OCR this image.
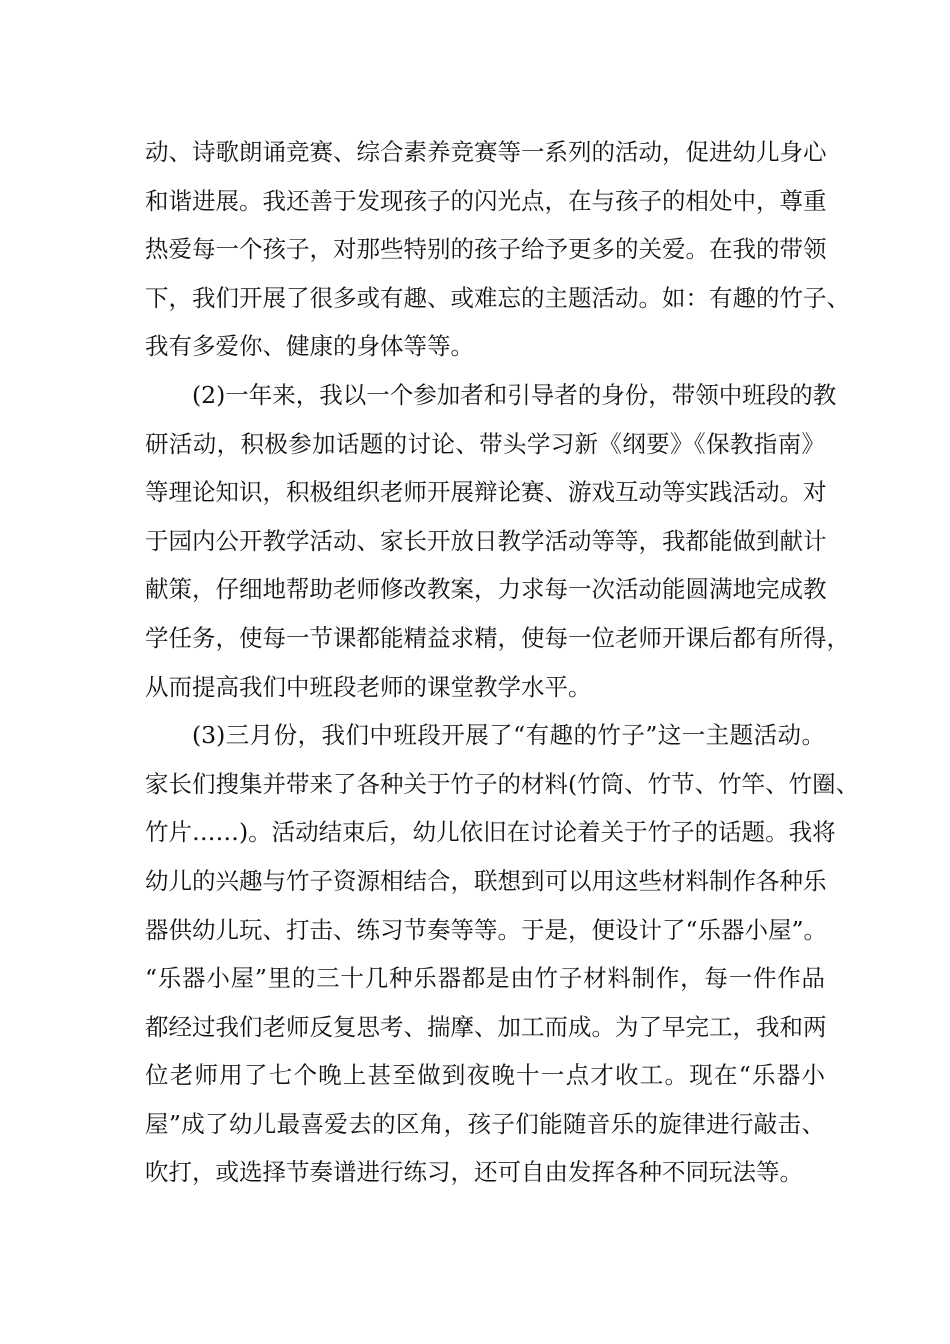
动、诗歌朗诵竞赛、综合素养竞赛等一系列的活动，促进幼儿身心
和谐进展。我还善于发现孩子的闪光点，在与孩子的相处中，尊重
热爱每一个孩子，对那些特别的孩子给予更多的关爱。在我的带领
下，我们开展了很多或有趣、或难忘的主题活动。如：有趣的竹子、
我有多爱你、健康的身体等等。
(2)一年来，我以一个参加者和引导者的身份，带领中班段的教
研活动，积极参加话题的讨论、带头学习新《纲要》《保教指南》
等理论知识，积极组织老师开展辩论赛、游戏互动等实践活动。对
于园内公开教学活动、家长开放日教学活动等等，我都能做到献计
献策，仔细地帮助老师修改教案，力求每一次活动能圆满地完成教
学任务，使每一节课都能精益求精，使每一位老师开课后都有所得，
从而提高我们中班段老师的课堂教学水平。
(3)三月份，我们中班段开展了“有趣的竹子”这一主题活动。
家长们搜集并带来了各种关于竹子的材料(竹筒、竹节、竹竿、竹圈、
竹片……)。活动结束后，幼儿依旧在讨论着关于竹子的话题。我将
幼儿的兴趣与竹子资源相结合，联想到可以用这些材料制作各种乐
器供幼儿玩、打击、练习节奏等等。于是，便设计了“乐器小屋”。
“乐器小屋”里的三十几种乐器都是由竹子材料制作，每一件作品
都经过我们老师反复思考、揣摩、加工而成。为了早完工，我和两
位老师用了七个晚上甚至做到夜晚十一点才收工。现在“乐器小
屋”成了幼儿最喜爱去的区角，孩子们能随音乐的旋律进行敲击、
吹打，或选择节奏谱进行练习，还可自由发挥各种不同玩法等。
